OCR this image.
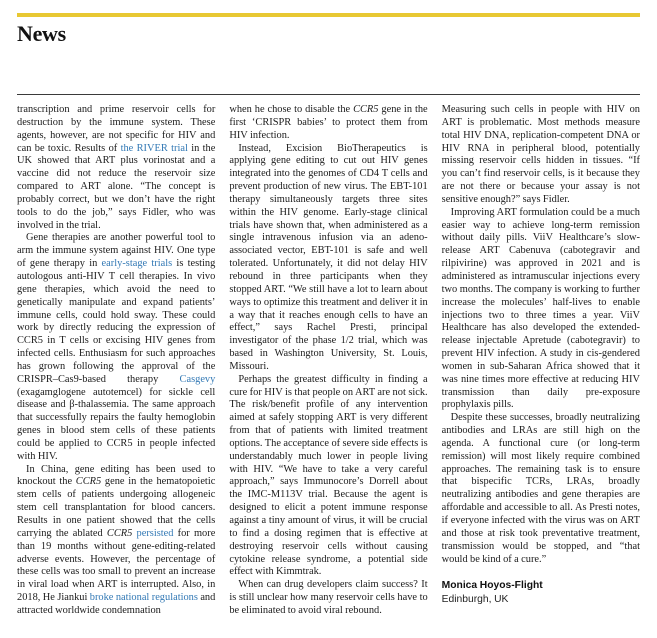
News

transcription and prime reservoir cells for destruction by the immune system. These agents, however, are not specific for HIV and can be toxic. Results of the RIVER trial in the UK showed that ART plus vorinostat and a vaccine did not reduce the reservoir size compared to ART alone. “The concept is probably correct, but we don’t have the right tools to do the job,” says Fidler, who was involved in the trial.

Gene therapies are another powerful tool to arm the immune system against HIV. One type of gene therapy in early-stage trials is testing autologous anti-HIV T cell therapies. In vivo gene therapies, which avoid the need to genetically manipulate and expand patients’ immune cells, could hold sway. These could work by directly reducing the expression of CCR5 in T cells or excising HIV genes from infected cells. Enthusiasm for such approaches has grown following the approval of the CRISPR–Cas9-based therapy Casgevy (exagamglogene autotemcel) for sickle cell disease and β-thalassemia. The same approach that successfully repairs the faulty hemoglobin genes in blood stem cells of these patients could be applied to CCR5 in people infected with HIV.

In China, gene editing has been used to knockout the CCR5 gene in the hematopoietic stem cells of patients undergoing allogeneic stem cell transplantation for blood cancers. Results in one patient showed that the cells carrying the ablated CCR5 persisted for more than 19 months without gene-editing-related adverse events. However, the percentage of these cells was too small to prevent an increase in viral load when ART is interrupted. Also, in 2018, He Jiankui broke national regulations and attracted worldwide condemnation

when he chose to disable the CCR5 gene in the first ‘CRISPR babies’ to protect them from HIV infection.

Instead, Excision BioTherapeutics is applying gene editing to cut out HIV genes integrated into the genomes of CD4 T cells and prevent production of new virus. The EBT-101 therapy simultaneously targets three sites within the HIV genome. Early-stage clinical trials have shown that, when administered as a single intravenous infusion via an adeno-associated vector, EBT-101 is safe and well tolerated. Unfortunately, it did not delay HIV rebound in three participants when they stopped ART. “We still have a lot to learn about ways to optimize this treatment and deliver it in a way that it reaches enough cells to have an effect,” says Rachel Presti, principal investigator of the phase 1/2 trial, which was based in Washington University, St. Louis, Missouri.

Perhaps the greatest difficulty in finding a cure for HIV is that people on ART are not sick. The risk/benefit profile of any intervention aimed at safely stopping ART is very different from that of patients with limited treatment options. The acceptance of severe side effects is understandably much lower in people living with HIV. “We have to take a very careful approach,” says Immunocore’s Dorrell about the IMC-M113V trial. Because the agent is designed to elicit a potent immune response against a tiny amount of virus, it will be crucial to find a dosing regimen that is effective at destroying reservoir cells without causing cytokine release syndrome, a potential side effect with Kimmtrak.

When can drug developers claim success? It is still unclear how many reservoir cells have to be eliminated to avoid viral rebound.

Measuring such cells in people with HIV on ART is problematic. Most methods measure total HIV DNA, replication-competent DNA or HIV RNA in peripheral blood, potentially missing reservoir cells hidden in tissues. “If you can’t find reservoir cells, is it because they are not there or because your assay is not sensitive enough?” says Fidler.

Improving ART formulation could be a much easier way to achieve long-term remission without daily pills. ViiV Healthcare’s slow-release ART Cabenuva (cabotegravir and rilpivirine) was approved in 2021 and is administered as intramuscular injections every two months. The company is working to further increase the molecules’ half-lives to enable injections two to three times a year. ViiV Healthcare has also developed the extended-release injectable Apretude (cabotegravir) to prevent HIV infection. A study in cis-gendered women in sub-Saharan Africa showed that it was nine times more effective at reducing HIV transmission than daily pre-exposure prophylaxis pills.

Despite these successes, broadly neutralizing antibodies and LRAs are still high on the agenda. A functional cure (or long-term remission) will most likely require combined approaches. The remaining task is to ensure that bispecific TCRs, LRAs, broadly neutralizing antibodies and gene therapies are affordable and accessible to all. As Presti notes, if everyone infected with the virus was on ART and those at risk took preventative treatment, transmission would be stopped, and “that would be kind of a cure.”

Monica Hoyos-Flight
Edinburgh, UK
